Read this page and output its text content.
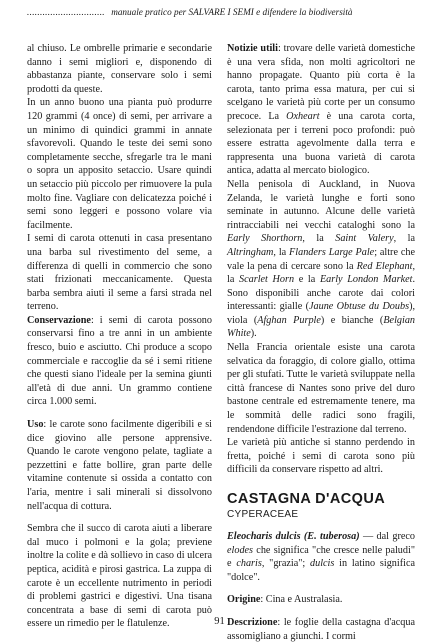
.............................. manuale pratico per SALVARE I SEMI e difendere la biodiversità

al chiuso. Le ombrelle primarie e secondarie danno i semi migliori e, disponendo di abbastanza piante, conservare solo i semi prodotti da queste.

In un anno buono una pianta può produrre 120 grammi (4 once) di semi, per arrivare a un minimo di quindici grammi in annate sfavorevoli. Quando le teste dei semi sono completamente secche, sfregarle tra le mani o sopra un apposito setaccio. Usare quindi un setaccio più piccolo per rimuovere la pula molto fine. Vagliare con delicatezza poiché i semi sono leggeri e possono volare via facilmente.

I semi di carota ottenuti in casa presentano una barba sul rivestimento del seme, a differenza di quelli in commercio che sono stati frizionati meccanicamente. Questa barba sembra aiuti il seme a farsi strada nel terreno.

Conservazione: i semi di carota possono conservarsi fino a tre anni in un ambiente fresco, buio e asciutto. Chi produce a scopo commerciale e raccoglie da sé i semi ritiene che questi siano l'ideale per la semina giunti all'età di due anni. Un grammo contiene circa 1.000 semi.

Uso: le carote sono facilmente digeribili e si dice giovino alle persone apprensive. Quando le carote vengono pelate, tagliate a pezzettini e fatte bollire, gran parte delle vitamine contenute si ossida a contatto con l'aria, mentre i sali minerali si dissolvono nell'acqua di cottura.

Sembra che il succo di carota aiuti a liberare dal muco i polmoni e la gola; previene inoltre la colite e dà sollievo in caso di ulcera peptica, acidità e pirosi gastrica. La zuppa di carote è un eccellente nutrimento in periodi di problemi gastrici e digestivi. Una tisana concentrata a base di semi di carota può essere un rimedio per le flatulenze.

Notizie utili: trovare delle varietà domestiche è una vera sfida, non molti agricoltori ne hanno propagate. Quanto più corta è la carota, tanto prima essa matura, per cui si scelgano le varietà più corte per un consumo precoce. La Oxheart è una carota corta, selezionata per i terreni poco profondi: può essere estratta agevolmente dalla terra e rappresenta una buona varietà di carota antica, adatta al mercato biologico.

Nella penisola di Auckland, in Nuova Zelanda, le varietà lunghe e forti sono seminate in autunno. Alcune delle varietà rintracciabili nei vecchi cataloghi sono la Early Shorthorn, la Saint Valery, la Altringham, la Flanders Large Pale; altre che vale la pena di cercare sono la Red Elephant, la Scarlet Horn e la Early London Market. Sono disponibili anche carote dai colori interessanti: gialle (Jaune Obtuse du Doubs), viola (Afghan Purple) e bianche (Belgian White).

Nella Francia orientale esiste una carota selvatica da foraggio, di colore giallo, ottima per gli stufati. Tutte le varietà sviluppate nella città francese di Nantes sono prive del duro bastone centrale ed estremamente tenere, ma le sommità delle radici sono fragili, rendendone difficile l'estrazione dal terreno.

Le varietà più antiche si stanno perdendo in fretta, poiché i semi di carota sono più difficili da conservare rispetto ad altri.

CASTAGNA D'ACQUA
CYPERACEAE

Eleocharis dulcis (E. tuberosa) — dal greco elodes che significa "che cresce nelle paludi" e charis, "grazia"; dulcis in latino significa "dolce".

Origine: Cina e Australasia.

Descrizione: le foglie della castagna d'acqua assomigliano a giunchi. I cormi

91
